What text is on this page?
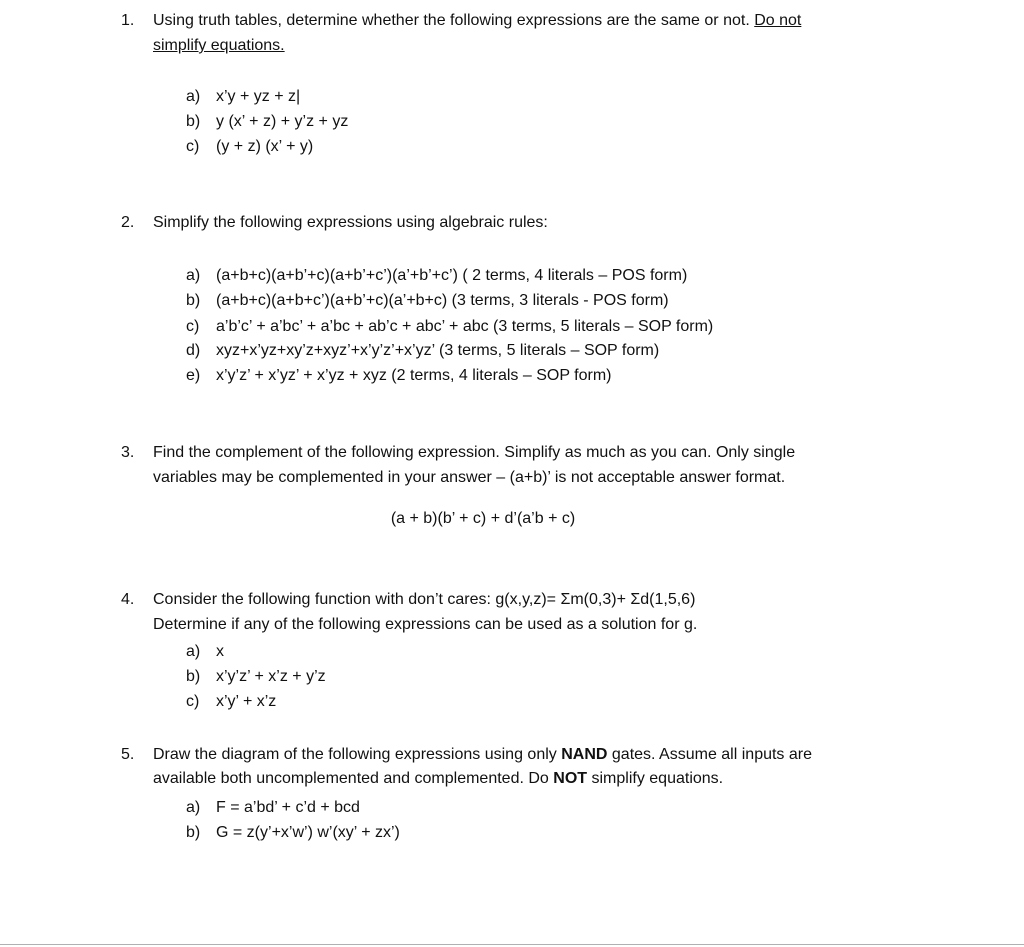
1. Using truth tables, determine whether the following expressions are the same or not. Do not
simplify equations.
a) x’y + yz + z|
b) y (x’ + z) + y’z + yz
c) (y + z) (x’ + y)
2. Simplify the following expressions using algebraic rules:
a) (a+b+c)(a+b’+c)(a+b’+c’)(a’+b’+c’) ( 2 terms, 4 literals – POS form)
b) (a+b+c)(a+b+c’)(a+b’+c)(a’+b+c) (3 terms, 3 literals - POS form)
c) a’b’c’ + a’bc’ + a’bc + ab’c + abc’ + abc (3 terms, 5 literals – SOP form)
d) xyz+x’yz+xy’z+xyz’+x’y’z’+x’yz’ (3 terms, 5 literals – SOP form)
e) x’y’z’ + x’yz’ + x’yz + xyz (2 terms, 4 literals – SOP form)
3. Find the complement of the following expression. Simplify as much as you can. Only single
variables may be complemented in your answer – (a+b)’ is not acceptable answer format.
(a + b)(b’ + c) + d’(a’b + c)
4. Consider the following function with don’t cares: g(x,y,z)= Σm(0,3)+ Σd(1,5,6)
Determine if any of the following expressions can be used as a solution for g.
a) x
b) x’y’z’ + x’z + y’z
c) x’y’ + x’z
5. Draw the diagram of the following expressions using only NAND gates. Assume all inputs are
available both uncomplemented and complemented. Do NOT simplify equations.
a) F = a’bd’ + c’d + bcd
b) G = z(y’+x’w’) w’(xy’ + zx’)
